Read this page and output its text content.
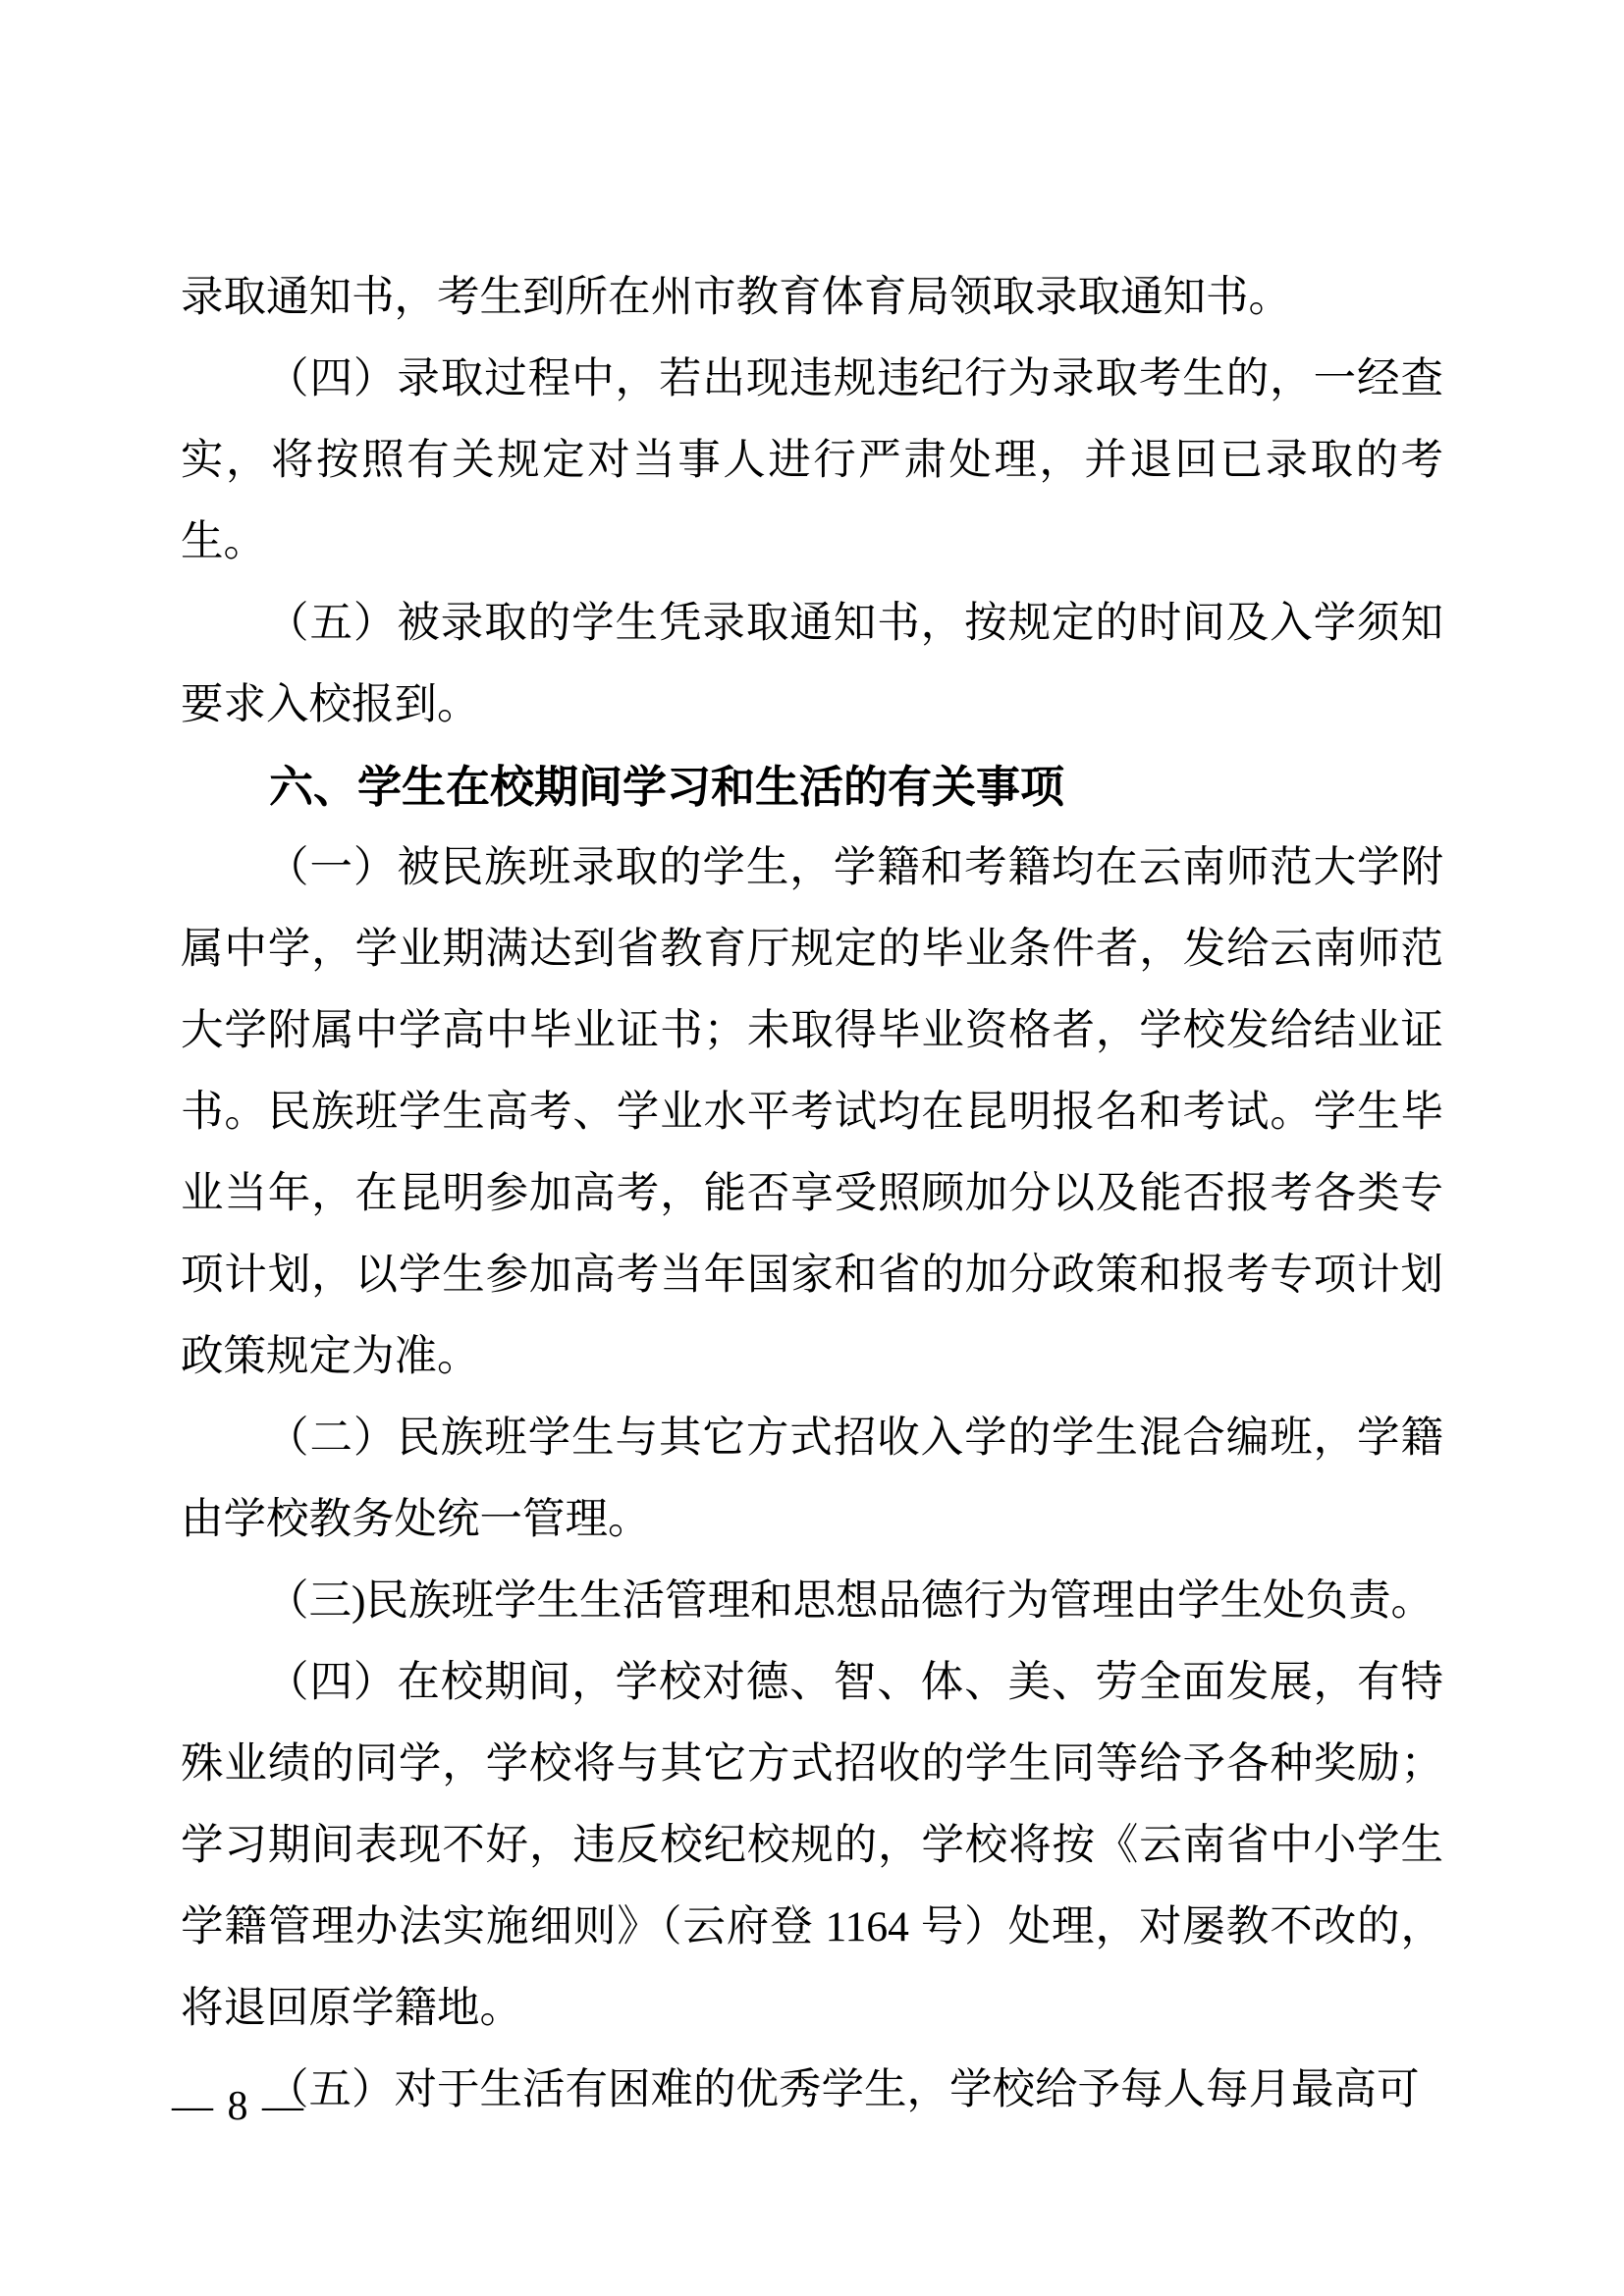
录取通知书，考生到所在州市教育体育局领取录取通知书。

（四）录取过程中，若出现违规违纪行为录取考生的，一经查实，将按照有关规定对当事人进行严肃处理，并退回已录取的考生。

（五）被录取的学生凭录取通知书，按规定的时间及入学须知要求入校报到。

六、学生在校期间学习和生活的有关事项

（一）被民族班录取的学生，学籍和考籍均在云南师范大学附属中学，学业期满达到省教育厅规定的毕业条件者，发给云南师范大学附属中学高中毕业证书；未取得毕业资格者，学校发给结业证书。民族班学生高考、学业水平考试均在昆明报名和考试。学生毕业当年，在昆明参加高考，能否享受照顾加分以及能否报考各类专项计划，以学生参加高考当年国家和省的加分政策和报考专项计划政策规定为准。

（二）民族班学生与其它方式招收入学的学生混合编班，学籍由学校教务处统一管理。

（三)民族班学生生活管理和思想品德行为管理由学生处负责。

（四）在校期间，学校对德、智、体、美、劳全面发展，有特殊业绩的同学，学校将与其它方式招收的学生同等给予各种奖励；学习期间表现不好，违反校纪校规的，学校将按《云南省中小学生学籍管理办法实施细则》（云府登 1164 号）处理，对屡教不改的，将退回原学籍地。

（五）对于生活有困难的优秀学生，学校给予每人每月最高可

— 8 —
